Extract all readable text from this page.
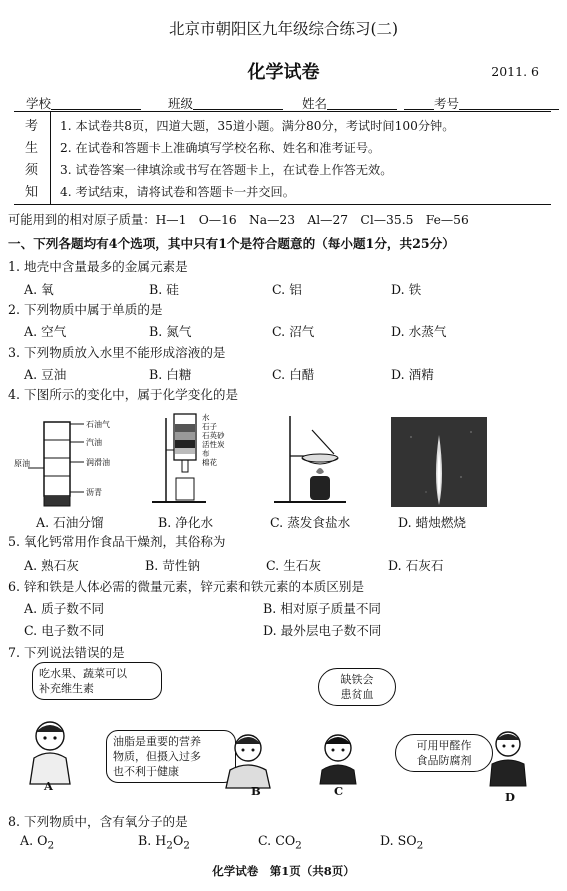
北京市朝阳区九年级综合练习(二)
化学试卷	2011. 6
学校	班级	姓名	考号
考
生
须
知
1. 本试卷共8页，四道大题，35道小题。满分80分，考试时间100分钟。
2. 在试卷和答题卡上准确填写学校名称、姓名和准考证号。
3. 试卷答案一律填涂或书写在答题卡上，在试卷上作答无效。
4. 考试结束，请将试卷和答题卡一并交回。
可能用到的相对原子质量：H—1　O—16　Na—23　Al—27　Cl—35.5　Fe—56
一、下列各题均有4个选项，其中只有1个是符合题意的（每小题1分，共25分）
1. 地壳中含量最多的金属元素是
A. 氧	B. 硅	C. 铝	D. 铁
2. 下列物质中属于单质的是
A. 空气	B. 氮气	C. 沼气	D. 水蒸气
3. 下列物质放入水里不能形成溶液的是
A. 豆油	B. 白糖	C. 白醋	D. 酒精
4. 下图所示的变化中，属于化学变化的是
石油气
汽油
原油	润滑油
沥青
水
石子
石英砂
活性炭
布
棉花
A. 石油分馏	B. 净化水	C. 蒸发食盐水	D. 蜡烛燃烧
5. 氧化钙常用作食品干燥剂，其俗称为
A. 熟石灰	B. 苛性钠	C. 生石灰	D. 石灰石
6. 锌和铁是人体必需的微量元素，锌元素和铁元素的本质区别是
A. 质子数不同	B. 相对原子质量不同
C. 电子数不同	D. 最外层电子数不同
7. 下列说法错误的是
吃水果、蔬菜可以
补充维生素
油脂是重要的营养
物质，但摄入过多
也不利于健康
缺铁会
患贫血
可用甲醛作
食品防腐剂
A	B	C	D
8. 下列物质中，含有氧分子的是
A. $O_2$	B. $H_2O_2$	C. $CO_2$	D. $SO_2$
化学试卷　第1页（共8页）
